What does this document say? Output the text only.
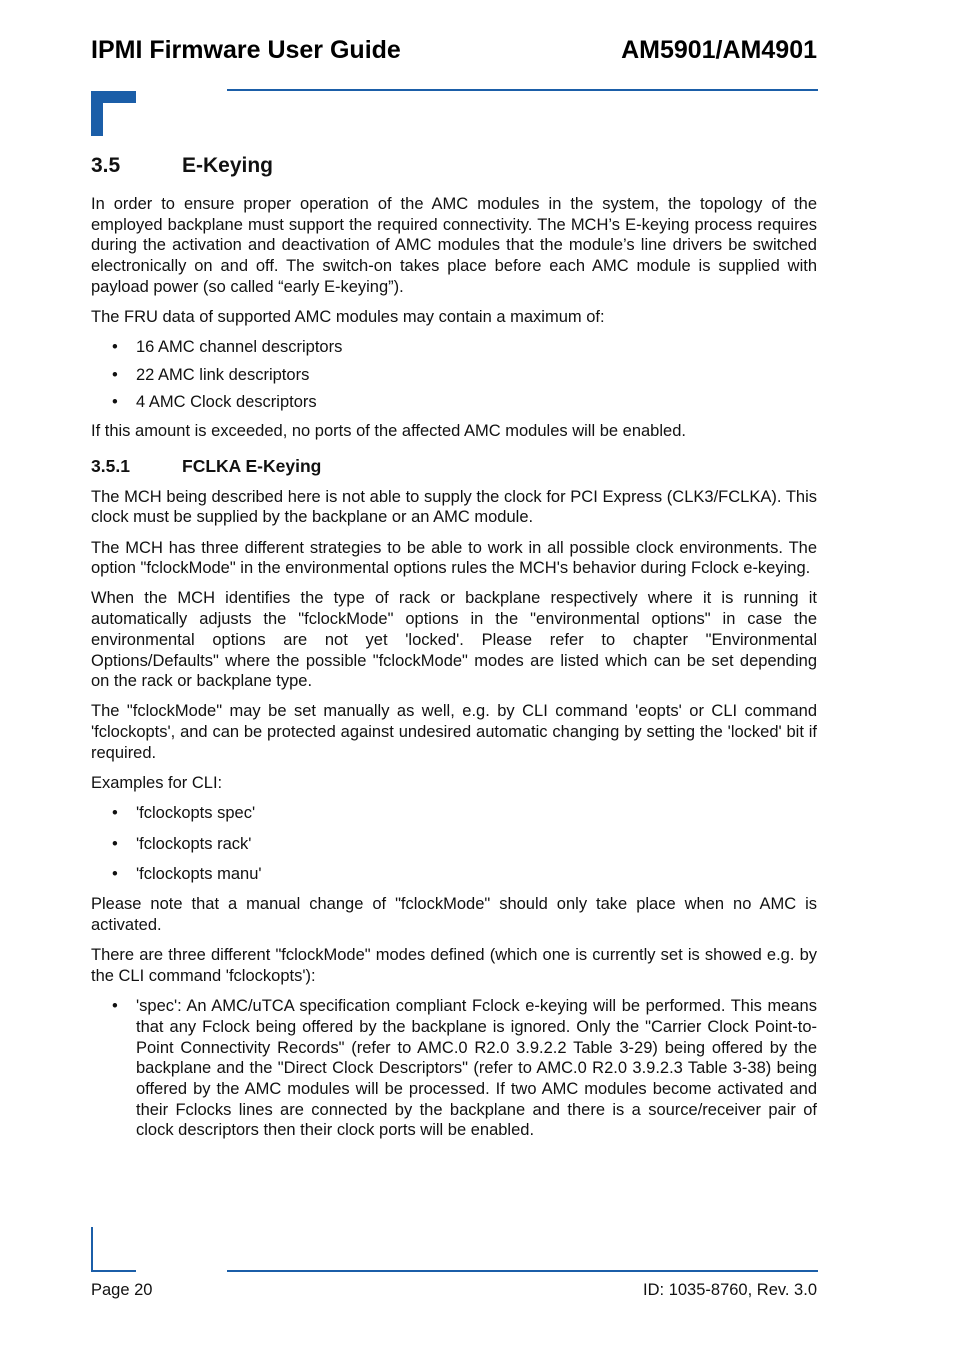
IPMI Firmware User Guide	AM5901/AM4901
3.5	E-Keying

In order to ensure proper operation of the AMC modules in the system, the topology of the employed backplane must support the required connectivity. The MCH’s E-keying process requires during the activation and deactivation of AMC modules that the module’s line drivers be switched electronically on and off. The switch-on takes place before each AMC module is supplied with payload power (so called “early E-keying”).

The FRU data of supported AMC modules may contain a maximum of:

• 16 AMC channel descriptors
• 22 AMC link descriptors
• 4 AMC Clock descriptors

If this amount is exceeded, no ports of the affected AMC modules will be enabled.

3.5.1	FCLKA E-Keying

The MCH being described here is not able to supply the clock for PCI Express (CLK3/FCLKA). This clock must be supplied by the backplane or an AMC module.

The MCH has three different strategies to be able to work in all possible clock environments. The option "fclockMode" in the environmental options rules the MCH's behavior during Fclock e-keying.

When the MCH identifies the type of rack or backplane respectively where it is running it automatically adjusts the "fclockMode" options in the "environmental options" in case the environmental options are not yet 'locked'. Please refer to chapter "Environmental Options/Defaults" where the possible "fclockMode" modes are listed which can be set depending on the rack or backplane type.

The "fclockMode" may be set manually as well, e.g. by CLI command 'eopts' or CLI command 'fclockopts', and can be protected against undesired automatic changing by setting the 'locked' bit if required.

Examples for CLI:

• 'fclockopts spec'
• 'fclockopts rack'
• 'fclockopts manu'

Please note that a manual change of "fclockMode" should only take place when no AMC is activated.

There are three different "fclockMode" modes defined (which one is currently set is showed e.g. by the CLI command 'fclockopts'):

• 'spec': An AMC/uTCA specification compliant Fclock e-keying will be performed. This means that any Fclock being offered by the backplane is ignored. Only the "Carrier Clock Point-to-Point Connectivity Records" (refer to AMC.0 R2.0 3.9.2.2 Table 3-29) being offered by the backplane and the "Direct Clock Descriptors" (refer to AMC.0 R2.0 3.9.2.3 Table 3-38) being offered by the AMC modules will be processed. If two AMC modules become activated and their Fclocks lines are connected by the backplane and there is a source/receiver pair of clock descriptors then their clock ports will be enabled.
Page 20	ID: 1035-8760, Rev. 3.0
